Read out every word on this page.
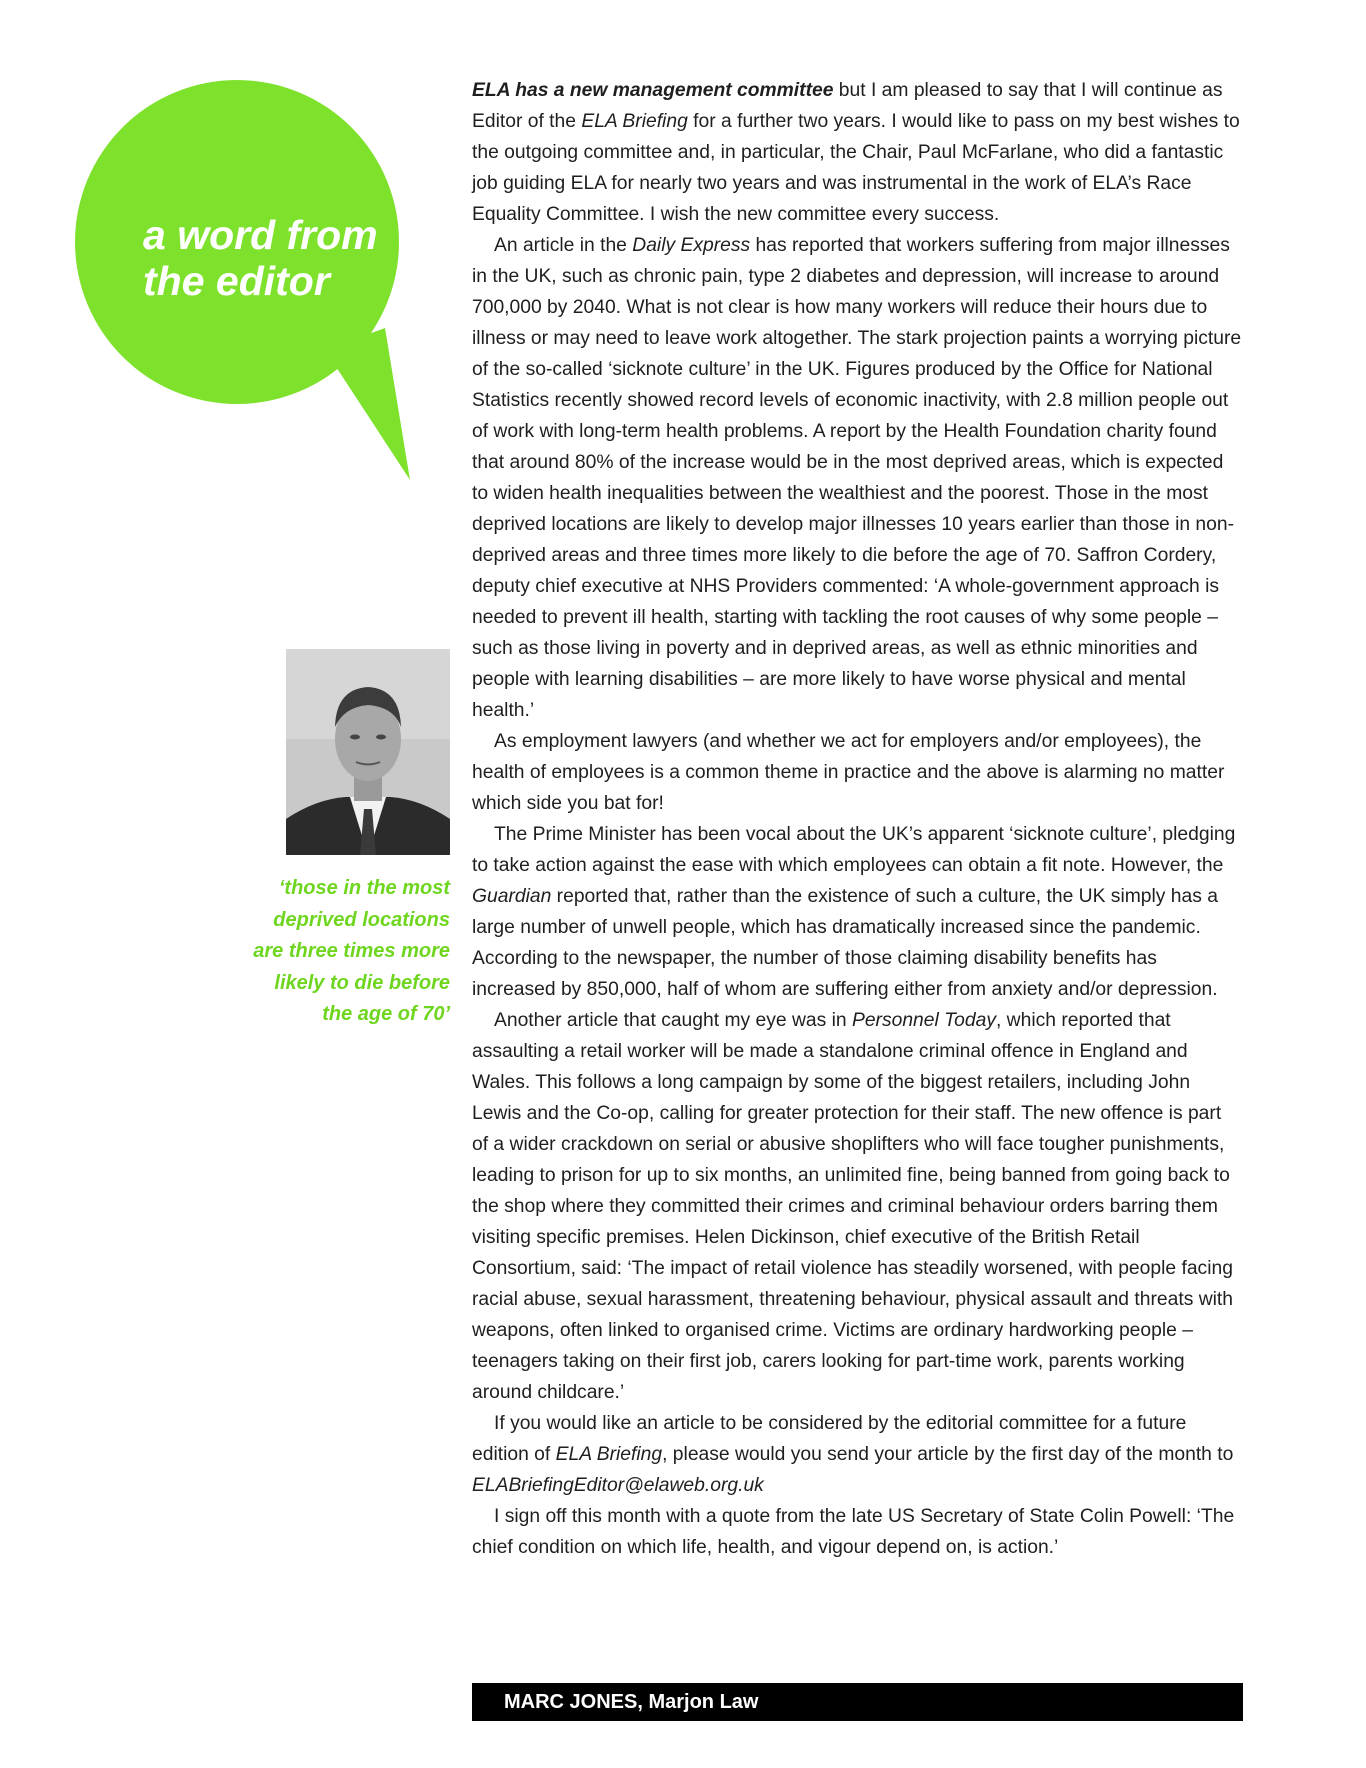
a word from the editor

‘those in the most deprived locations are three times more likely to die before the age of 70’

ELA has a new management committee but I am pleased to say that I will continue as Editor of the ELA Briefing for a further two years. I would like to pass on my best wishes to the outgoing committee and, in particular, the Chair, Paul McFarlane, who did a fantastic job guiding ELA for nearly two years and was instrumental in the work of ELA’s Race Equality Committee. I wish the new committee every success.

An article in the Daily Express has reported that workers suffering from major illnesses in the UK, such as chronic pain, type 2 diabetes and depression, will increase to around 700,000 by 2040. What is not clear is how many workers will reduce their hours due to illness or may need to leave work altogether. The stark projection paints a worrying picture of the so-called ‘sicknote culture’ in the UK. Figures produced by the Office for National Statistics recently showed record levels of economic inactivity, with 2.8 million people out of work with long-term health problems. A report by the Health Foundation charity found that around 80% of the increase would be in the most deprived areas, which is expected to widen health inequalities between the wealthiest and the poorest. Those in the most deprived locations are likely to develop major illnesses 10 years earlier than those in non-deprived areas and three times more likely to die before the age of 70. Saffron Cordery, deputy chief executive at NHS Providers commented: ‘A whole-government approach is needed to prevent ill health, starting with tackling the root causes of why some people – such as those living in poverty and in deprived areas, as well as ethnic minorities and people with learning disabilities – are more likely to have worse physical and mental health.’

As employment lawyers (and whether we act for employers and/or employees), the health of employees is a common theme in practice and the above is alarming no matter which side you bat for!

The Prime Minister has been vocal about the UK’s apparent ‘sicknote culture’, pledging to take action against the ease with which employees can obtain a fit note. However, the Guardian reported that, rather than the existence of such a culture, the UK simply has a large number of unwell people, which has dramatically increased since the pandemic. According to the newspaper, the number of those claiming disability benefits has increased by 850,000, half of whom are suffering either from anxiety and/or depression.

Another article that caught my eye was in Personnel Today, which reported that assaulting a retail worker will be made a standalone criminal offence in England and Wales. This follows a long campaign by some of the biggest retailers, including John Lewis and the Co-op, calling for greater protection for their staff. The new offence is part of a wider crackdown on serial or abusive shoplifters who will face tougher punishments, leading to prison for up to six months, an unlimited fine, being banned from going back to the shop where they committed their crimes and criminal behaviour orders barring them visiting specific premises. Helen Dickinson, chief executive of the British Retail Consortium, said: ‘The impact of retail violence has steadily worsened, with people facing racial abuse, sexual harassment, threatening behaviour, physical assault and threats with weapons, often linked to organised crime. Victims are ordinary hardworking people – teenagers taking on their first job, carers looking for part-time work, parents working around childcare.’

If you would like an article to be considered by the editorial committee for a future edition of ELA Briefing, please would you send your article by the first day of the month to ELABriefingEditor@elaweb.org.uk

I sign off this month with a quote from the late US Secretary of State Colin Powell: ‘The chief condition on which life, health, and vigour depend on, is action.’

MARC JONES, Marjon Law
